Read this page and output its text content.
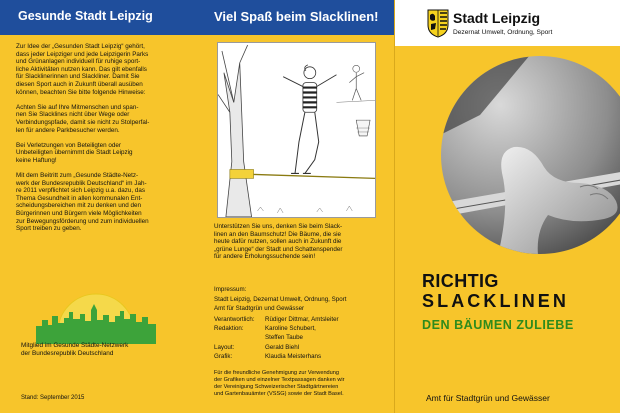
Gesunde Stadt Leipzig

Zur Idee der „Gesunden Stadt Leipzig“ gehört,
dass jeder Leipziger und jede Leipzigerin Parks
und Grünanlagen individuell für ruhige sport-
liche Aktivitäten nutzen kann. Das gilt ebenfalls
für Slacklinerinnen und Slackliner. Damit Sie
diesen Sport auch in Zukunft überall ausüben
können, beachten Sie bitte folgende Hinweise:

Achten Sie auf Ihre Mitmenschen und span-
nen Sie Slacklines nicht über Wege oder
Verbindungspfade, damit sie nicht zu Stolperfal-
len für andere Parkbesucher werden.

Bei Verletzungen von Beteiligten oder
Unbeteiligten übernimmt die Stadt Leipzig
keine Haftung!

Mit dem Beitritt zum „Gesunde Städte-Netz-
werk der Bundesrepublik Deutschland“ im Jah-
re 2011 verpflichtet sich Leipzig u.a. dazu, das
Thema Gesundheit in allen kommunalen Ent-
scheidungsbereichen mit zu denken und den
Bürgerinnen und Bürgern viele Möglichkeiten
zur Bewegungsförderung und zum individuellen
Sport treiben zu geben.

Mitglied im Gesunde Städte-Netzwerk
der Bundesrepublik Deutschland
Stand: September 2015
Viel Spaß beim Slacklinen!
Unterstützen Sie uns, denken Sie beim Slack-
linen an den Baumschutz! Die Bäume, die sie
heute dafür nutzen, sollen auch in Zukunft die
„grüne Lunge“ der Stadt und Schattenspender
für andere Erholungssuchende sein!
Impressum:
Stadt Leipzig, Dezernat Umwelt, Ordnung, Sport
Amt für Stadtgrün und Gewässer
Verantwortlich:	Rüdiger Dittmar, Amtsleiter
Redaktion:	Karoline Schubert,
	Steffen Taube
Layout:	Gerald Biehl
Grafik:	Klaudia Meisterhans
Für die freundliche Genehmigung zur Verwendung
der Grafiken und einzelner Textpassagen danken wir
der Vereinigung Schweizerischer Stadtgärtnereien
und Gartenbauämter (VSSG) sowie der Stadt Basel.
Stadt Leipzig
Dezernat Umwelt, Ordnung, Sport
RICHTIG
SLACKLINEN
DEN BÄUMEN ZULIEBE
Amt für Stadtgrün und Gewässer
